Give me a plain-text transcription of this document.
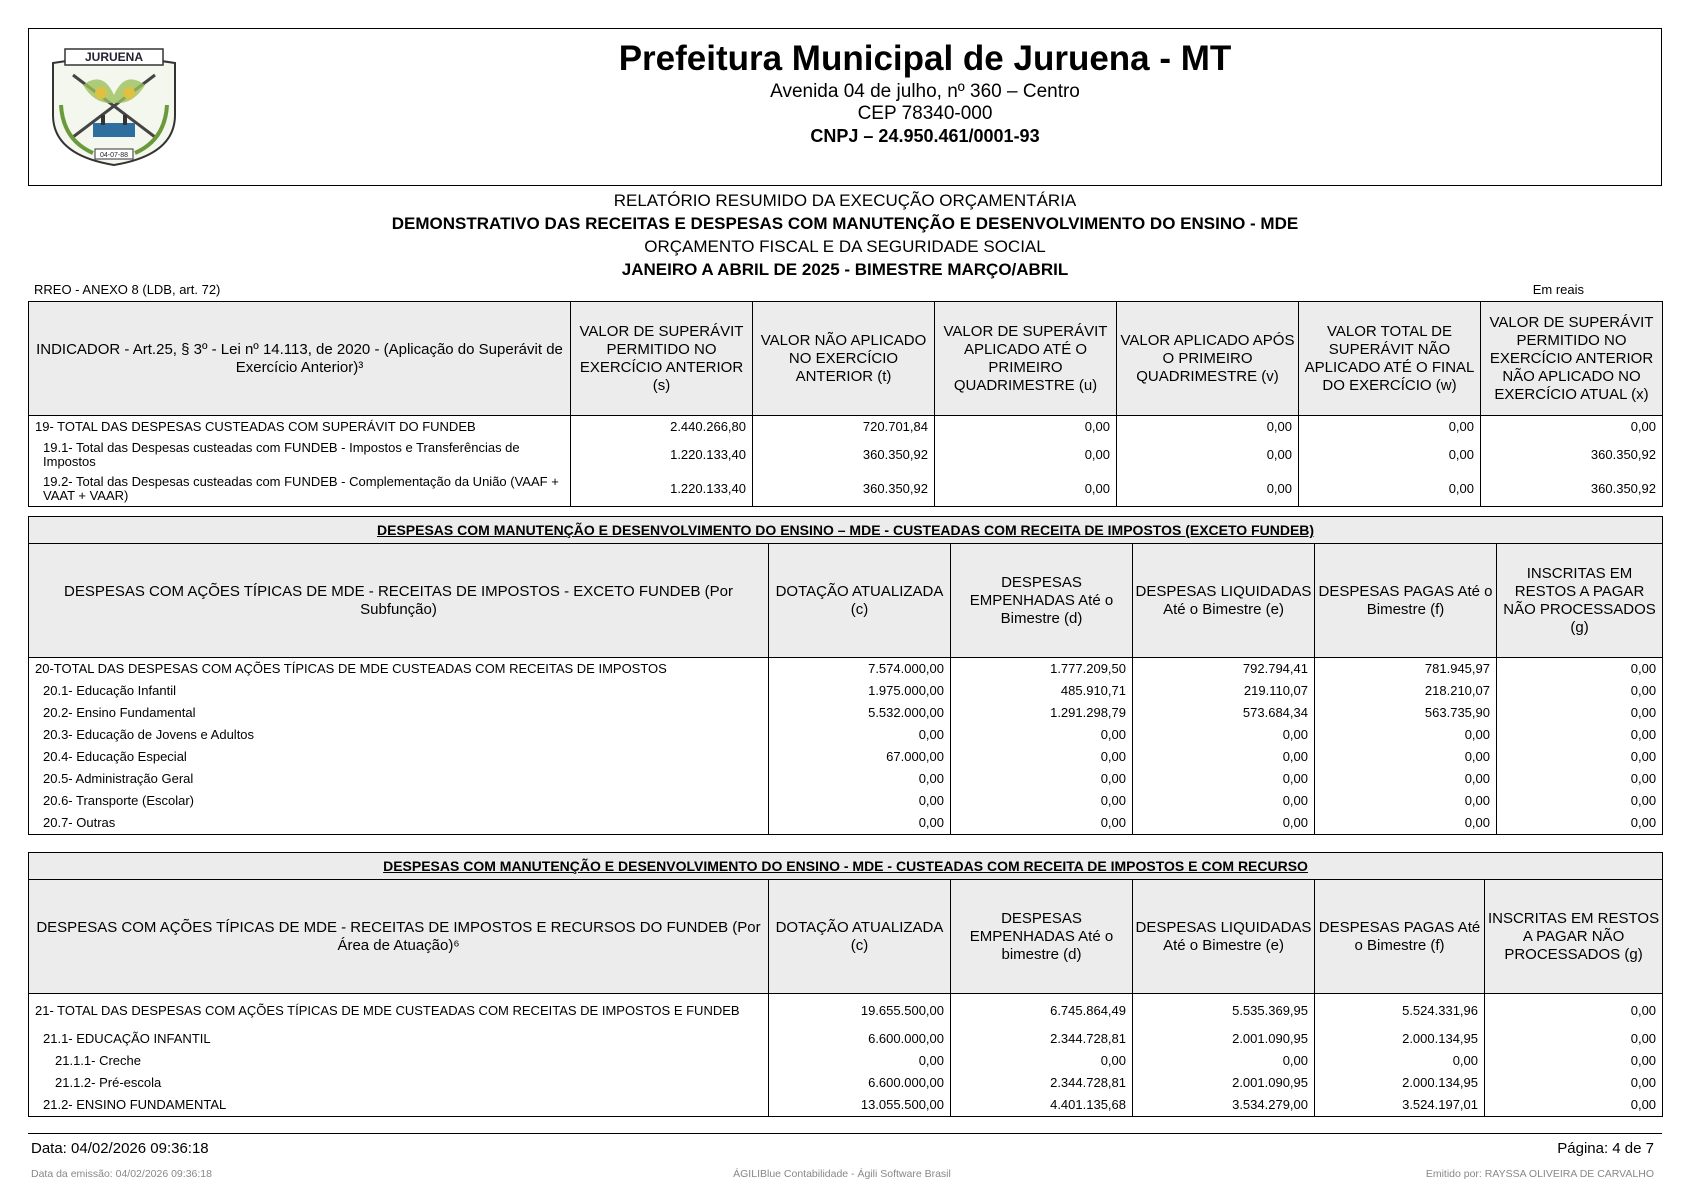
JURUENA
04-07-88
Prefeitura Municipal de Juruena - MT
Avenida 04 de julho, nº 360 – Centro
CEP 78340-000
CNPJ – 24.950.461/0001-93
RELATÓRIO RESUMIDO DA EXECUÇÃO ORÇAMENTÁRIA
DEMONSTRATIVO DAS RECEITAS E DESPESAS COM MANUTENÇÃO E DESENVOLVIMENTO DO ENSINO - MDE
ORÇAMENTO FISCAL E DA SEGURIDADE SOCIAL
JANEIRO A ABRIL DE 2025 - BIMESTRE MARÇO/ABRIL
RREO - ANEXO 8 (LDB, art. 72)	Em reais
INDICADOR - Art.25, § 3º - Lei nº 14.113, de 2020 - (Aplicação do Superávit de Exercício Anterior)³	VALOR DE SUPERÁVIT PERMITIDO NO EXERCÍCIO ANTERIOR (s)	VALOR NÃO APLICADO NO EXERCÍCIO ANTERIOR (t)	VALOR DE SUPERÁVIT APLICADO ATÉ O PRIMEIRO QUADRIMESTRE (u)	VALOR APLICADO APÓS O PRIMEIRO QUADRIMESTRE (v)	VALOR TOTAL DE SUPERÁVIT NÃO APLICADO ATÉ O FINAL DO EXERCÍCIO (w)	VALOR DE SUPERÁVIT PERMITIDO NO EXERCÍCIO ANTERIOR NÃO APLICADO NO EXERCÍCIO ATUAL (x)
19- TOTAL DAS DESPESAS CUSTEADAS COM SUPERÁVIT DO FUNDEB	2.440.266,80	720.701,84	0,00	0,00	0,00	0,00
19.1- Total das Despesas custeadas com FUNDEB - Impostos e Transferências de Impostos	1.220.133,40	360.350,92	0,00	0,00	0,00	360.350,92
19.2- Total das Despesas custeadas com FUNDEB - Complementação da União (VAAF + VAAT + VAAR)	1.220.133,40	360.350,92	0,00	0,00	0,00	360.350,92
DESPESAS COM MANUTENÇÃO E DESENVOLVIMENTO DO ENSINO – MDE - CUSTEADAS COM RECEITA DE IMPOSTOS (EXCETO FUNDEB)					
DESPESAS COM AÇÕES TÍPICAS DE MDE - RECEITAS DE IMPOSTOS - EXCETO FUNDEB (Por Subfunção)	DOTAÇÃO ATUALIZADA (c)	DESPESAS EMPENHADAS Até o Bimestre (d)	DESPESAS LIQUIDADAS Até o Bimestre (e)	DESPESAS PAGAS Até o Bimestre (f)	INSCRITAS EM RESTOS A PAGAR NÃO PROCESSADOS (g)
20-TOTAL DAS DESPESAS COM AÇÕES TÍPICAS DE MDE CUSTEADAS COM RECEITAS DE IMPOSTOS	7.574.000,00	1.777.209,50	792.794,41	781.945,97	0,00
20.1- Educação Infantil	1.975.000,00	485.910,71	219.110,07	218.210,07	0,00
20.2- Ensino Fundamental	5.532.000,00	1.291.298,79	573.684,34	563.735,90	0,00
20.3- Educação de Jovens e Adultos	0,00	0,00	0,00	0,00	0,00
20.4- Educação Especial	67.000,00	0,00	0,00	0,00	0,00
20.5- Administração Geral	0,00	0,00	0,00	0,00	0,00
20.6- Transporte (Escolar)	0,00	0,00	0,00	0,00	0,00
20.7- Outras	0,00	0,00	0,00	0,00	0,00
DESPESAS COM MANUTENÇÃO E DESENVOLVIMENTO DO ENSINO - MDE - CUSTEADAS COM RECEITA DE IMPOSTOS E COM RECURSO					
DESPESAS COM AÇÕES TÍPICAS DE MDE - RECEITAS DE IMPOSTOS E RECURSOS DO FUNDEB (Por Área de Atuação)⁶	DOTAÇÃO ATUALIZADA (c)	DESPESAS EMPENHADAS Até o bimestre (d)	DESPESAS LIQUIDADAS Até o Bimestre (e)	DESPESAS PAGAS Até o Bimestre (f)	INSCRITAS EM RESTOS A PAGAR NÃO PROCESSADOS (g)
21- TOTAL DAS DESPESAS COM AÇÕES TÍPICAS DE MDE CUSTEADAS COM RECEITAS DE IMPOSTOS E FUNDEB	19.655.500,00	6.745.864,49	5.535.369,95	5.524.331,96	0,00
21.1- EDUCAÇÃO INFANTIL	6.600.000,00	2.344.728,81	2.001.090,95	2.000.134,95	0,00
21.1.1- Creche	0,00	0,00	0,00	0,00	0,00
21.1.2- Pré-escola	6.600.000,00	2.344.728,81	2.001.090,95	2.000.134,95	0,00
21.2- ENSINO FUNDAMENTAL	13.055.500,00	4.401.135,68	3.534.279,00	3.524.197,01	0,00
Data: 04/02/2026 09:36:18	Página: 4 de 7
Data da emissão: 04/02/2026 09:36:18	ÁGILIBlue Contabilidade - Ágili Software Brasil	Emitido por: RAYSSA OLIVEIRA DE CARVALHO
